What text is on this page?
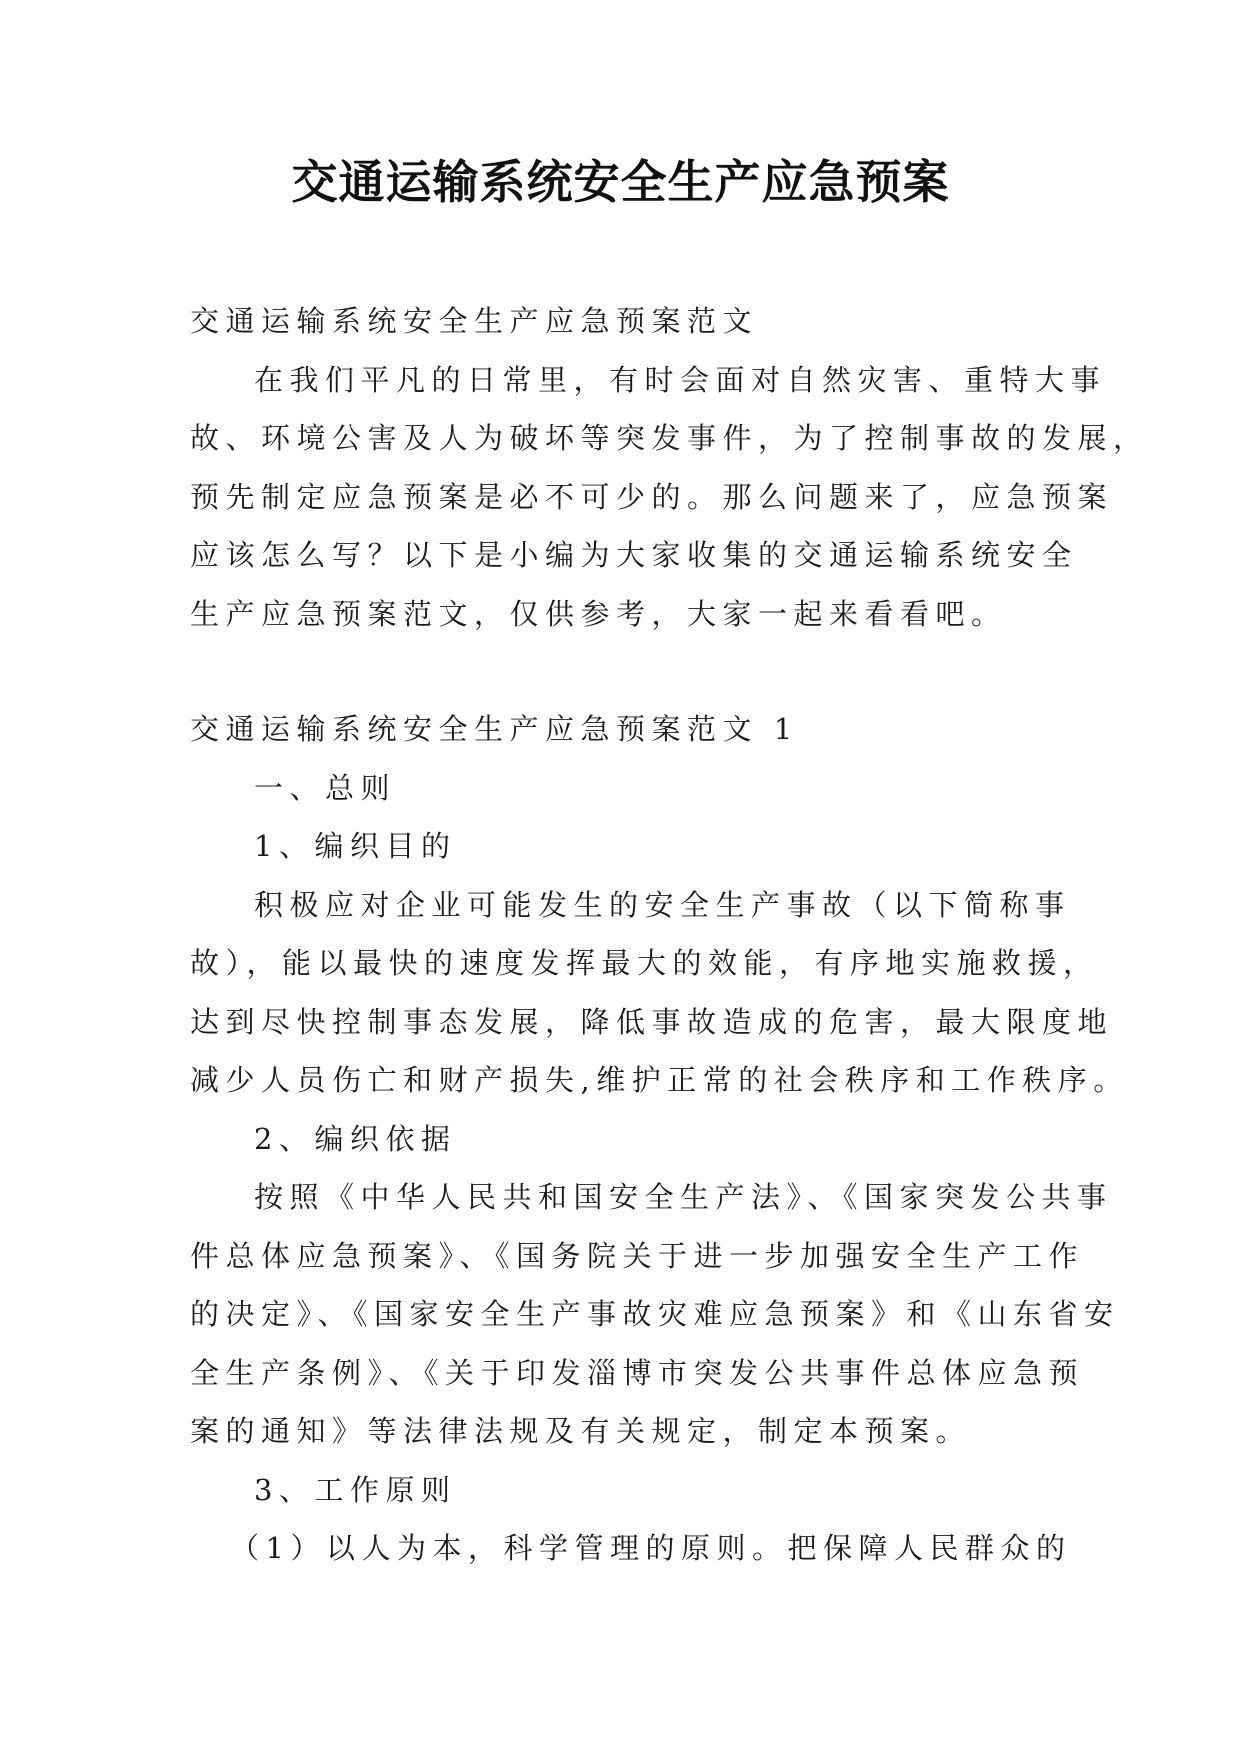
交通运输系统安全生产应急预案
交通运输系统安全生产应急预案范文
在我们平凡的日常里，有时会面对自然灾害、重特大事
故、环境公害及人为破坏等突发事件，为了控制事故的发展，
预先制定应急预案是必不可少的。那么问题来了，应急预案
应该怎么写？以下是小编为大家收集的交通运输系统安全
生产应急预案范文，仅供参考，大家一起来看看吧。
交通运输系统安全生产应急预案范文 1
一、总则
1、编织目的
积极应对企业可能发生的安全生产事故（以下简称事
故），能以最快的速度发挥最大的效能，有序地实施救援，
达到尽快控制事态发展，降低事故造成的危害，最大限度地
减少人员伤亡和财产损失,维护正常的社会秩序和工作秩序。
2、编织依据
按照《中华人民共和国安全生产法》、《国家突发公共事
件总体应急预案》、《国务院关于进一步加强安全生产工作
的决定》、《国家安全生产事故灾难应急预案》和《山东省安
全生产条例》、《关于印发淄博市突发公共事件总体应急预
案的通知》等法律法规及有关规定，制定本预案。
3、工作原则
（1）以人为本，科学管理的原则。把保障人民群众的
